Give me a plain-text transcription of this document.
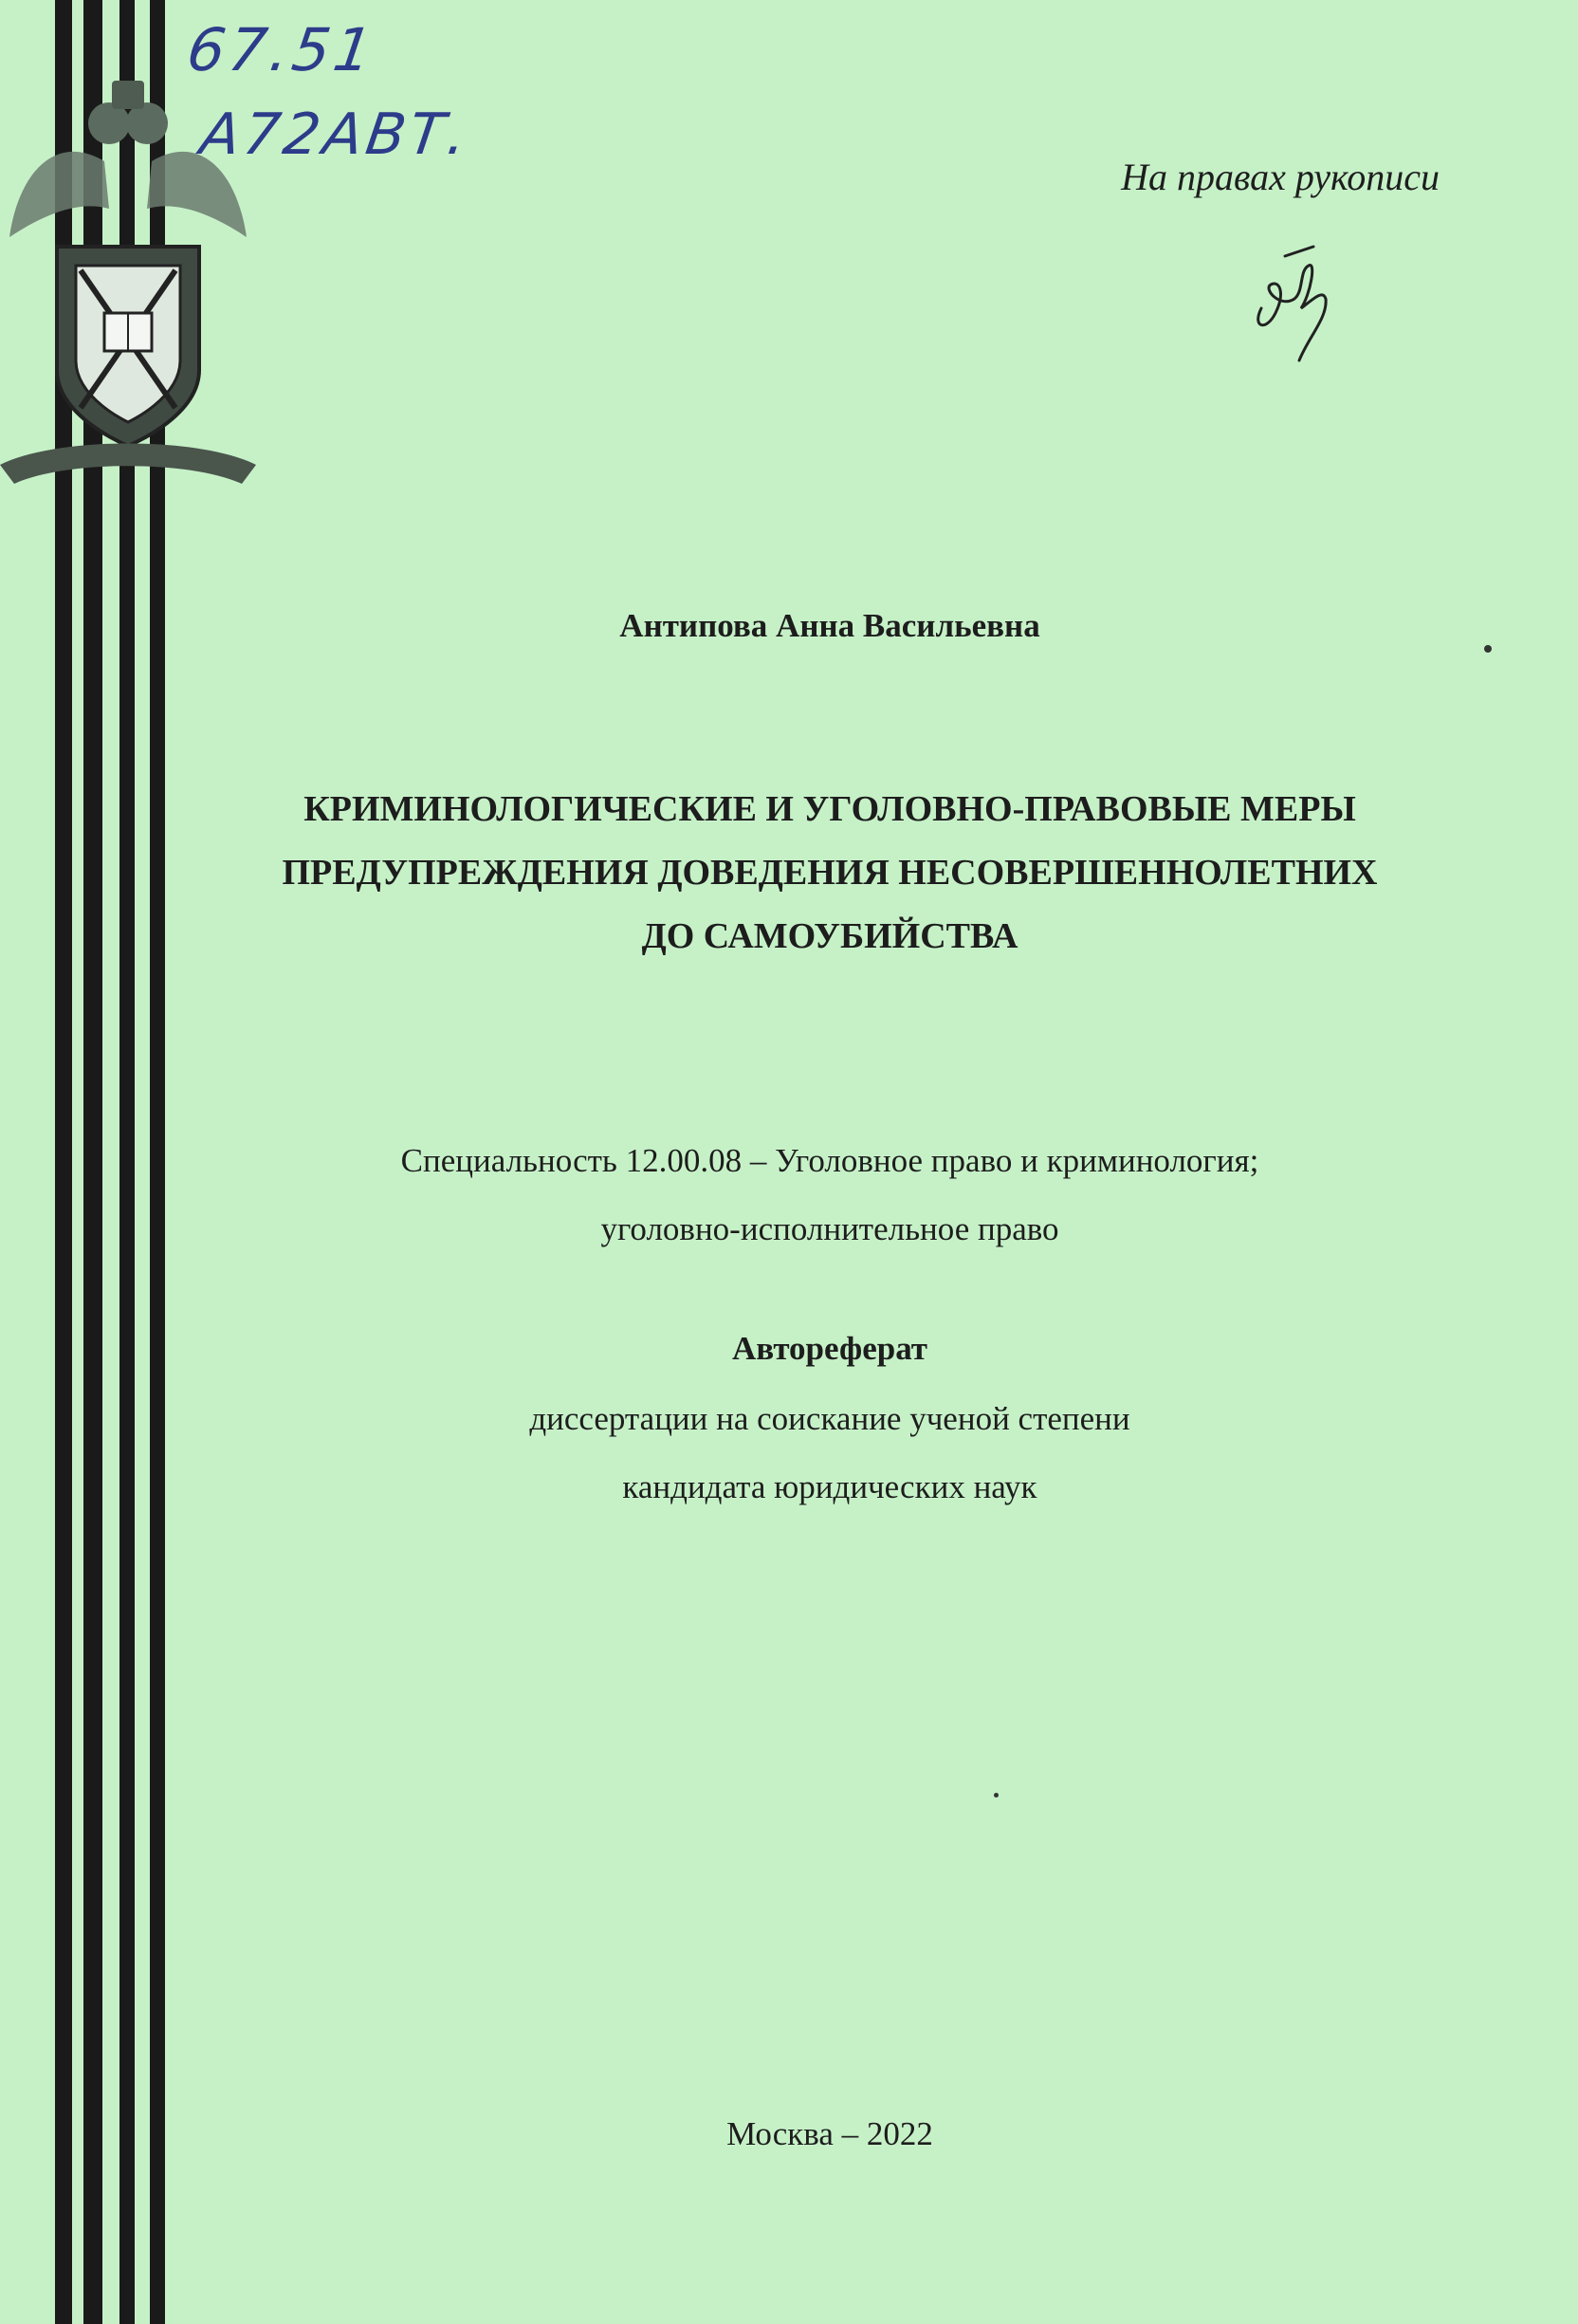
67.51
А72АВТ.
На правах рукописи
Антипова Анна Васильевна
КРИМИНОЛОГИЧЕСКИЕ И УГОЛОВНО-ПРАВОВЫЕ МЕРЫ
ПРЕДУПРЕЖДЕНИЯ ДОВЕДЕНИЯ НЕСОВЕРШЕННОЛЕТНИХ
ДО САМОУБИЙСТВА
Специальность 12.00.08 – Уголовное право и криминология;
уголовно-исполнительное право
Автореферат
диссертации на соискание ученой степени
кандидата юридических наук
Москва – 2022
